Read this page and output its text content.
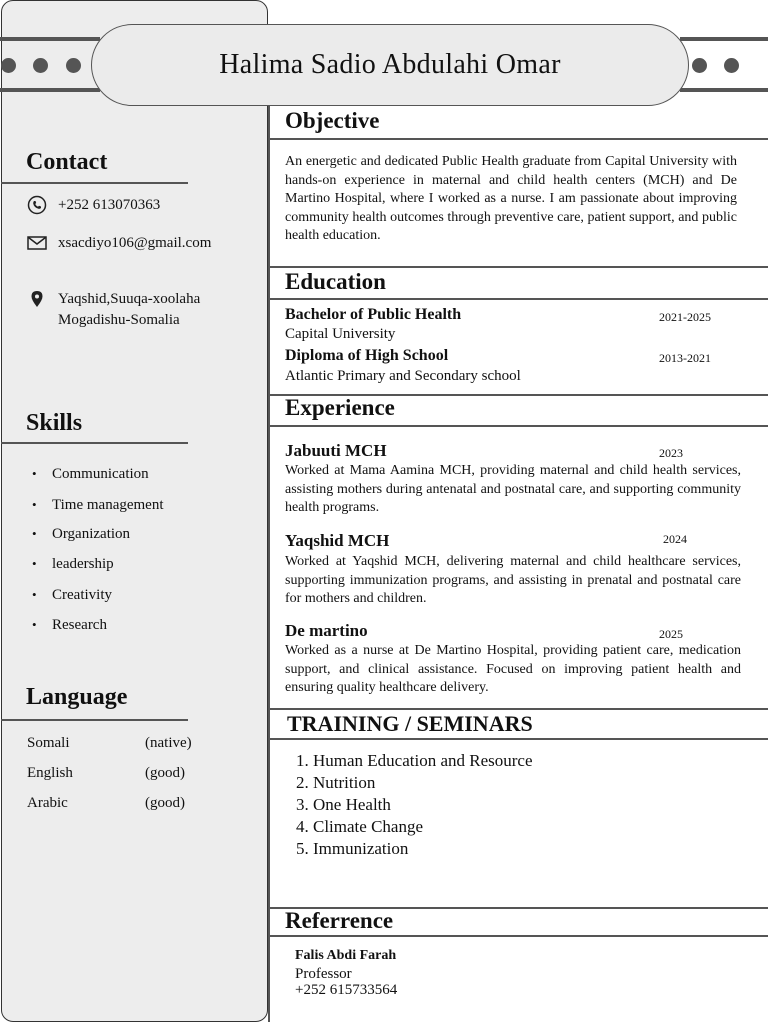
Halima Sadio Abdulahi Omar
Contact
+252 613070363
xsacdiyo106@gmail.com
Yaqshid,Suuqa-xoolaha
Mogadishu-Somalia
Skills
• Communication
• Time management
• Organization
• leadership
• Creativity
• Research
Language
Somali	(native)
English	(good)
Arabic	(good)
Objective
An energetic and dedicated Public Health graduate from Capital University with hands-on experience in maternal and child health centers (MCH) and De Martino Hospital, where I worked as a nurse. I am passionate about improving community health outcomes through preventive care, patient support, and public health education.
Education
Bachelor of Public Health	2021-2025
Capital University
Diploma of High School	2013-2021
Atlantic Primary and Secondary school
Experience
Jabuuti MCH	2023
Worked at Mama Aamina MCH, providing maternal and child health services, assisting mothers during antenatal and postnatal care, and supporting community health programs.
Yaqshid MCH	2024
Worked at Yaqshid MCH, delivering maternal and child healthcare services, supporting immunization programs, and assisting in prenatal and postnatal care for mothers and children.
De martino	2025
Worked as a nurse at De Martino Hospital, providing patient care, medication support, and clinical assistance. Focused on improving patient health and ensuring quality healthcare delivery.
TRAINING / SEMINARS
1. Human Education and Resource
2. Nutrition
3. One Health
4. Climate Change
5. Immunization
Referrence
Falis Abdi Farah
Professor
+252 615733564
